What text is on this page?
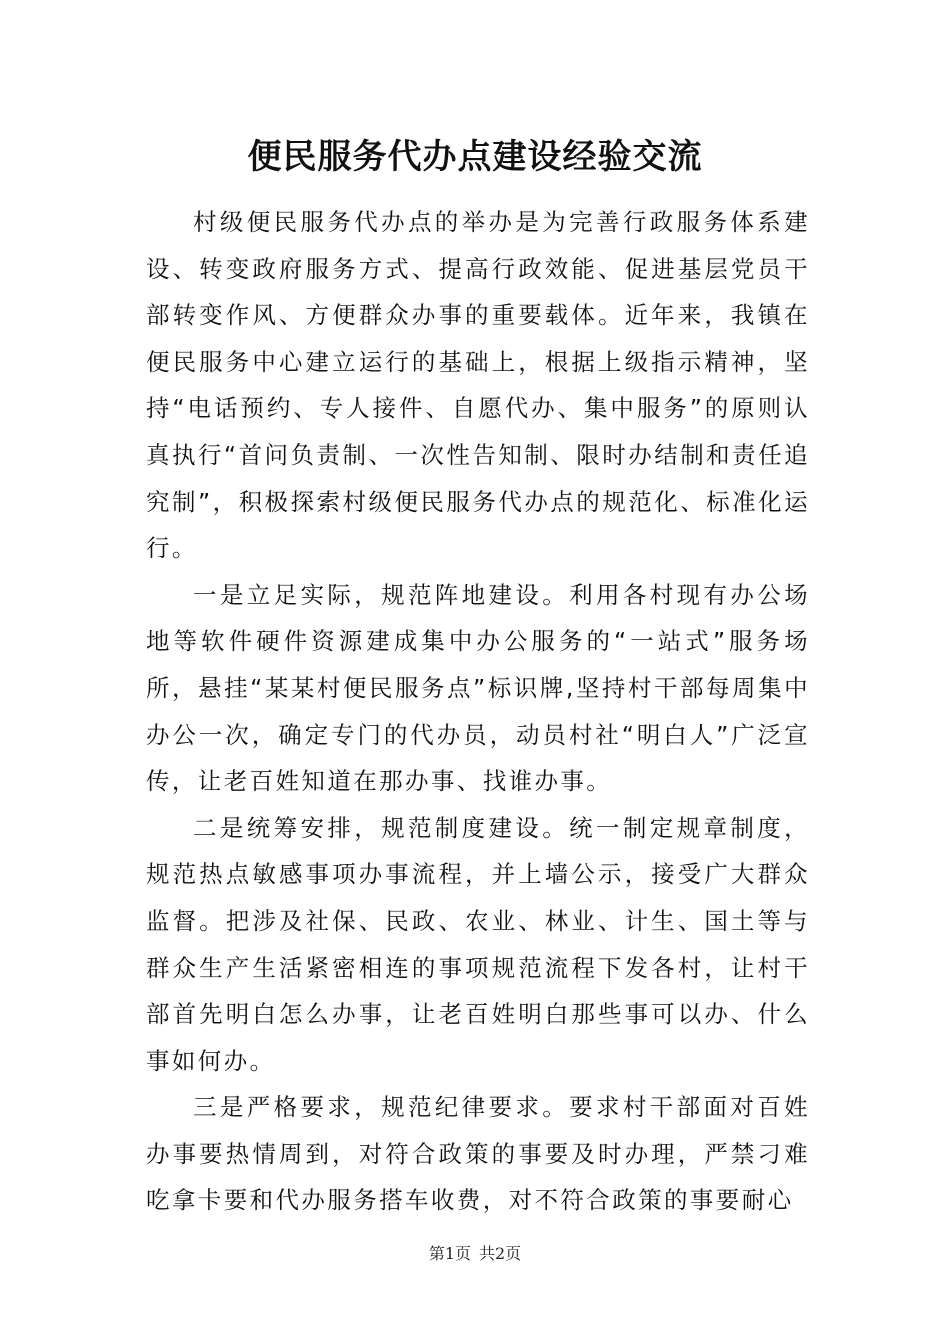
便民服务代办点建设经验交流

村级便民服务代办点的举办是为完善行政服务体系建设、转变政府服务方式、提高行政效能、促进基层党员干部转变作风、方便群众办事的重要载体。近年来，我镇在便民服务中心建立运行的基础上，根据上级指示精神，坚持“电话预约、专人接件、自愿代办、集中服务”的原则认真执行“首问负责制、一次性告知制、限时办结制和责任追究制”，积极探索村级便民服务代办点的规范化、标准化运行。

一是立足实际，规范阵地建设。利用各村现有办公场地等软件硬件资源建成集中办公服务的“一站式”服务场所，悬挂“某某村便民服务点”标识牌,坚持村干部每周集中办公一次，确定专门的代办员，动员村社“明白人”广泛宣传，让老百姓知道在那办事、找谁办事。

二是统筹安排，规范制度建设。统一制定规章制度，规范热点敏感事项办事流程，并上墙公示，接受广大群众监督。把涉及社保、民政、农业、林业、计生、国土等与群众生产生活紧密相连的事项规范流程下发各村，让村干部首先明白怎么办事，让老百姓明白那些事可以办、什么事如何办。

三是严格要求，规范纪律要求。要求村干部面对百姓办事要热情周到，对符合政策的事要及时办理，严禁刁难吃拿卡要和代办服务搭车收费，对不符合政策的事要耐心

第1页 共2页
